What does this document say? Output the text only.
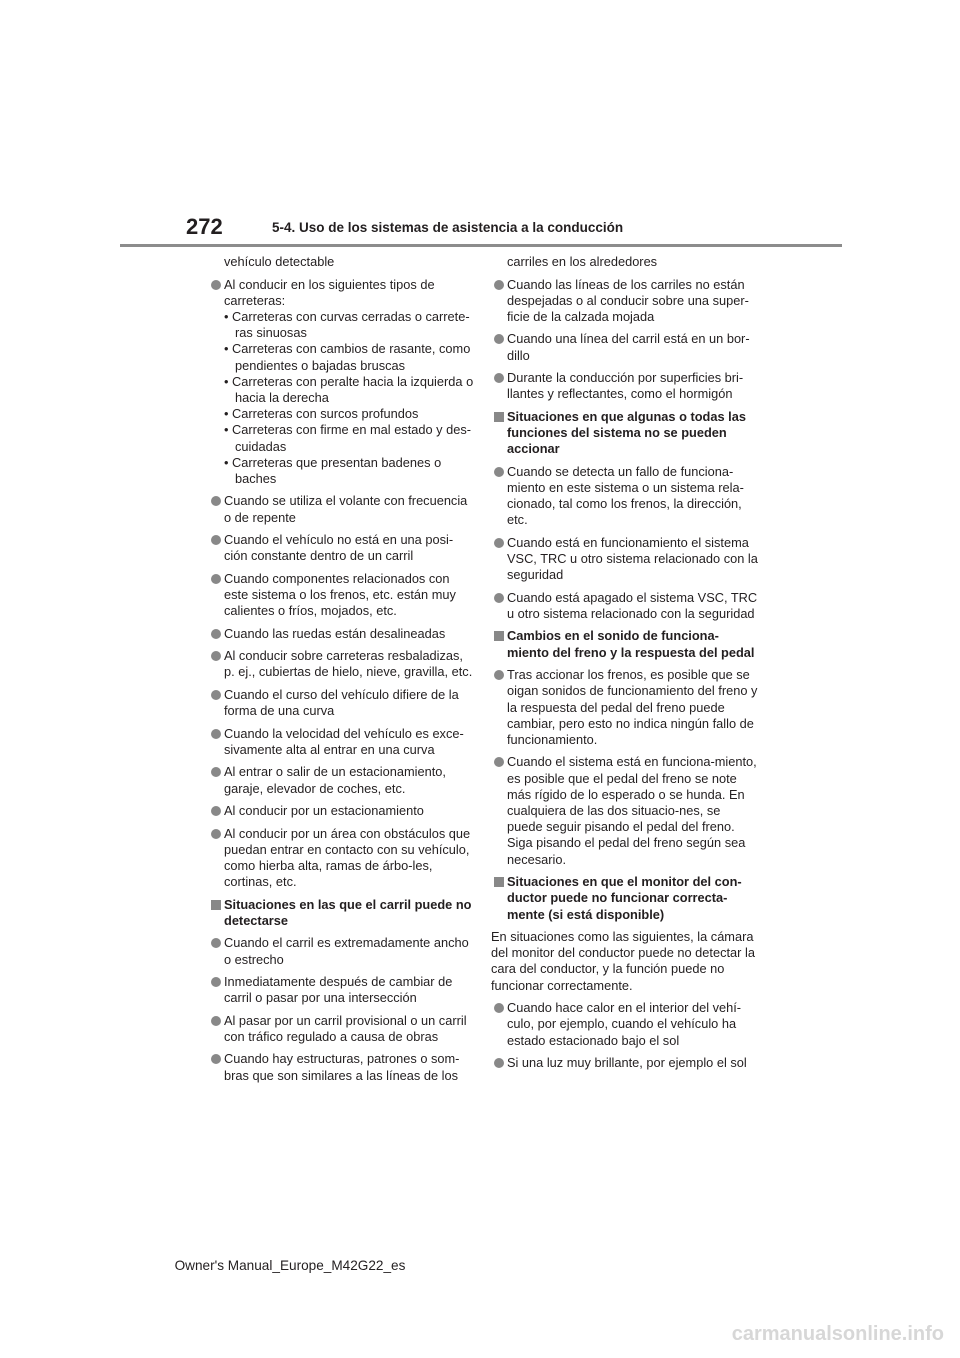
272	5-4. Uso de los sistemas de asistencia a la conducción
vehículo detectable
Al conducir en los siguientes tipos de carreteras:
• Carreteras con curvas cerradas o carrete-ras sinuosas
• Carreteras con cambios de rasante, como pendientes o bajadas bruscas
• Carreteras con peralte hacia la izquierda o hacia la derecha
• Carreteras con surcos profundos
• Carreteras con firme en mal estado y des-cuidadas
• Carreteras que presentan badenes o baches
Cuando se utiliza el volante con frecuencia o de repente
Cuando el vehículo no está en una posi-ción constante dentro de un carril
Cuando componentes relacionados con este sistema o los frenos, etc. están muy calientes o fríos, mojados, etc.
Cuando las ruedas están desalineadas
Al conducir sobre carreteras resbaladizas, p. ej., cubiertas de hielo, nieve, gravilla, etc.
Cuando el curso del vehículo difiere de la forma de una curva
Cuando la velocidad del vehículo es exce-sivamente alta al entrar en una curva
Al entrar o salir de un estacionamiento, garaje, elevador de coches, etc.
Al conducir por un estacionamiento
Al conducir por un área con obstáculos que puedan entrar en contacto con su vehículo, como hierba alta, ramas de árbo-les, cortinas, etc.
Situaciones en las que el carril puede no detectarse
Cuando el carril es extremadamente ancho o estrecho
Inmediatamente después de cambiar de carril o pasar por una intersección
Al pasar por un carril provisional o un carril con tráfico regulado a causa de obras
Cuando hay estructuras, patrones o som-bras que son similares a las líneas de los
carriles en los alrededores
Cuando las líneas de los carriles no están despejadas o al conducir sobre una super-ficie de la calzada mojada
Cuando una línea del carril está en un bor-dillo
Durante la conducción por superficies bri-llantes y reflectantes, como el hormigón
Situaciones en que algunas o todas las funciones del sistema no se pueden accionar
Cuando se detecta un fallo de funciona-miento en este sistema o un sistema rela-cionado, tal como los frenos, la dirección, etc.
Cuando está en funcionamiento el sistema VSC, TRC u otro sistema relacionado con la seguridad
Cuando está apagado el sistema VSC, TRC u otro sistema relacionado con la seguridad
Cambios en el sonido de funciona-miento del freno y la respuesta del pedal
Tras accionar los frenos, es posible que se oigan sonidos de funcionamiento del freno y la respuesta del pedal del freno puede cambiar, pero esto no indica ningún fallo de funcionamiento.
Cuando el sistema está en funciona-miento, es posible que el pedal del freno se note más rígido de lo esperado o se hunda. En cualquiera de las dos situacio-nes, se puede seguir pisando el pedal del freno. Siga pisando el pedal del freno según sea necesario.
Situaciones en que el monitor del con-ductor puede no funcionar correcta-mente (si está disponible)
En situaciones como las siguientes, la cámara del monitor del conductor puede no detectar la cara del conductor, y la función puede no funcionar correctamente.
Cuando hace calor en el interior del vehí-culo, por ejemplo, cuando el vehículo ha estado estacionado bajo el sol
Si una luz muy brillante, por ejemplo el sol
Owner's Manual_Europe_M42G22_es
carmanualsonline.info
